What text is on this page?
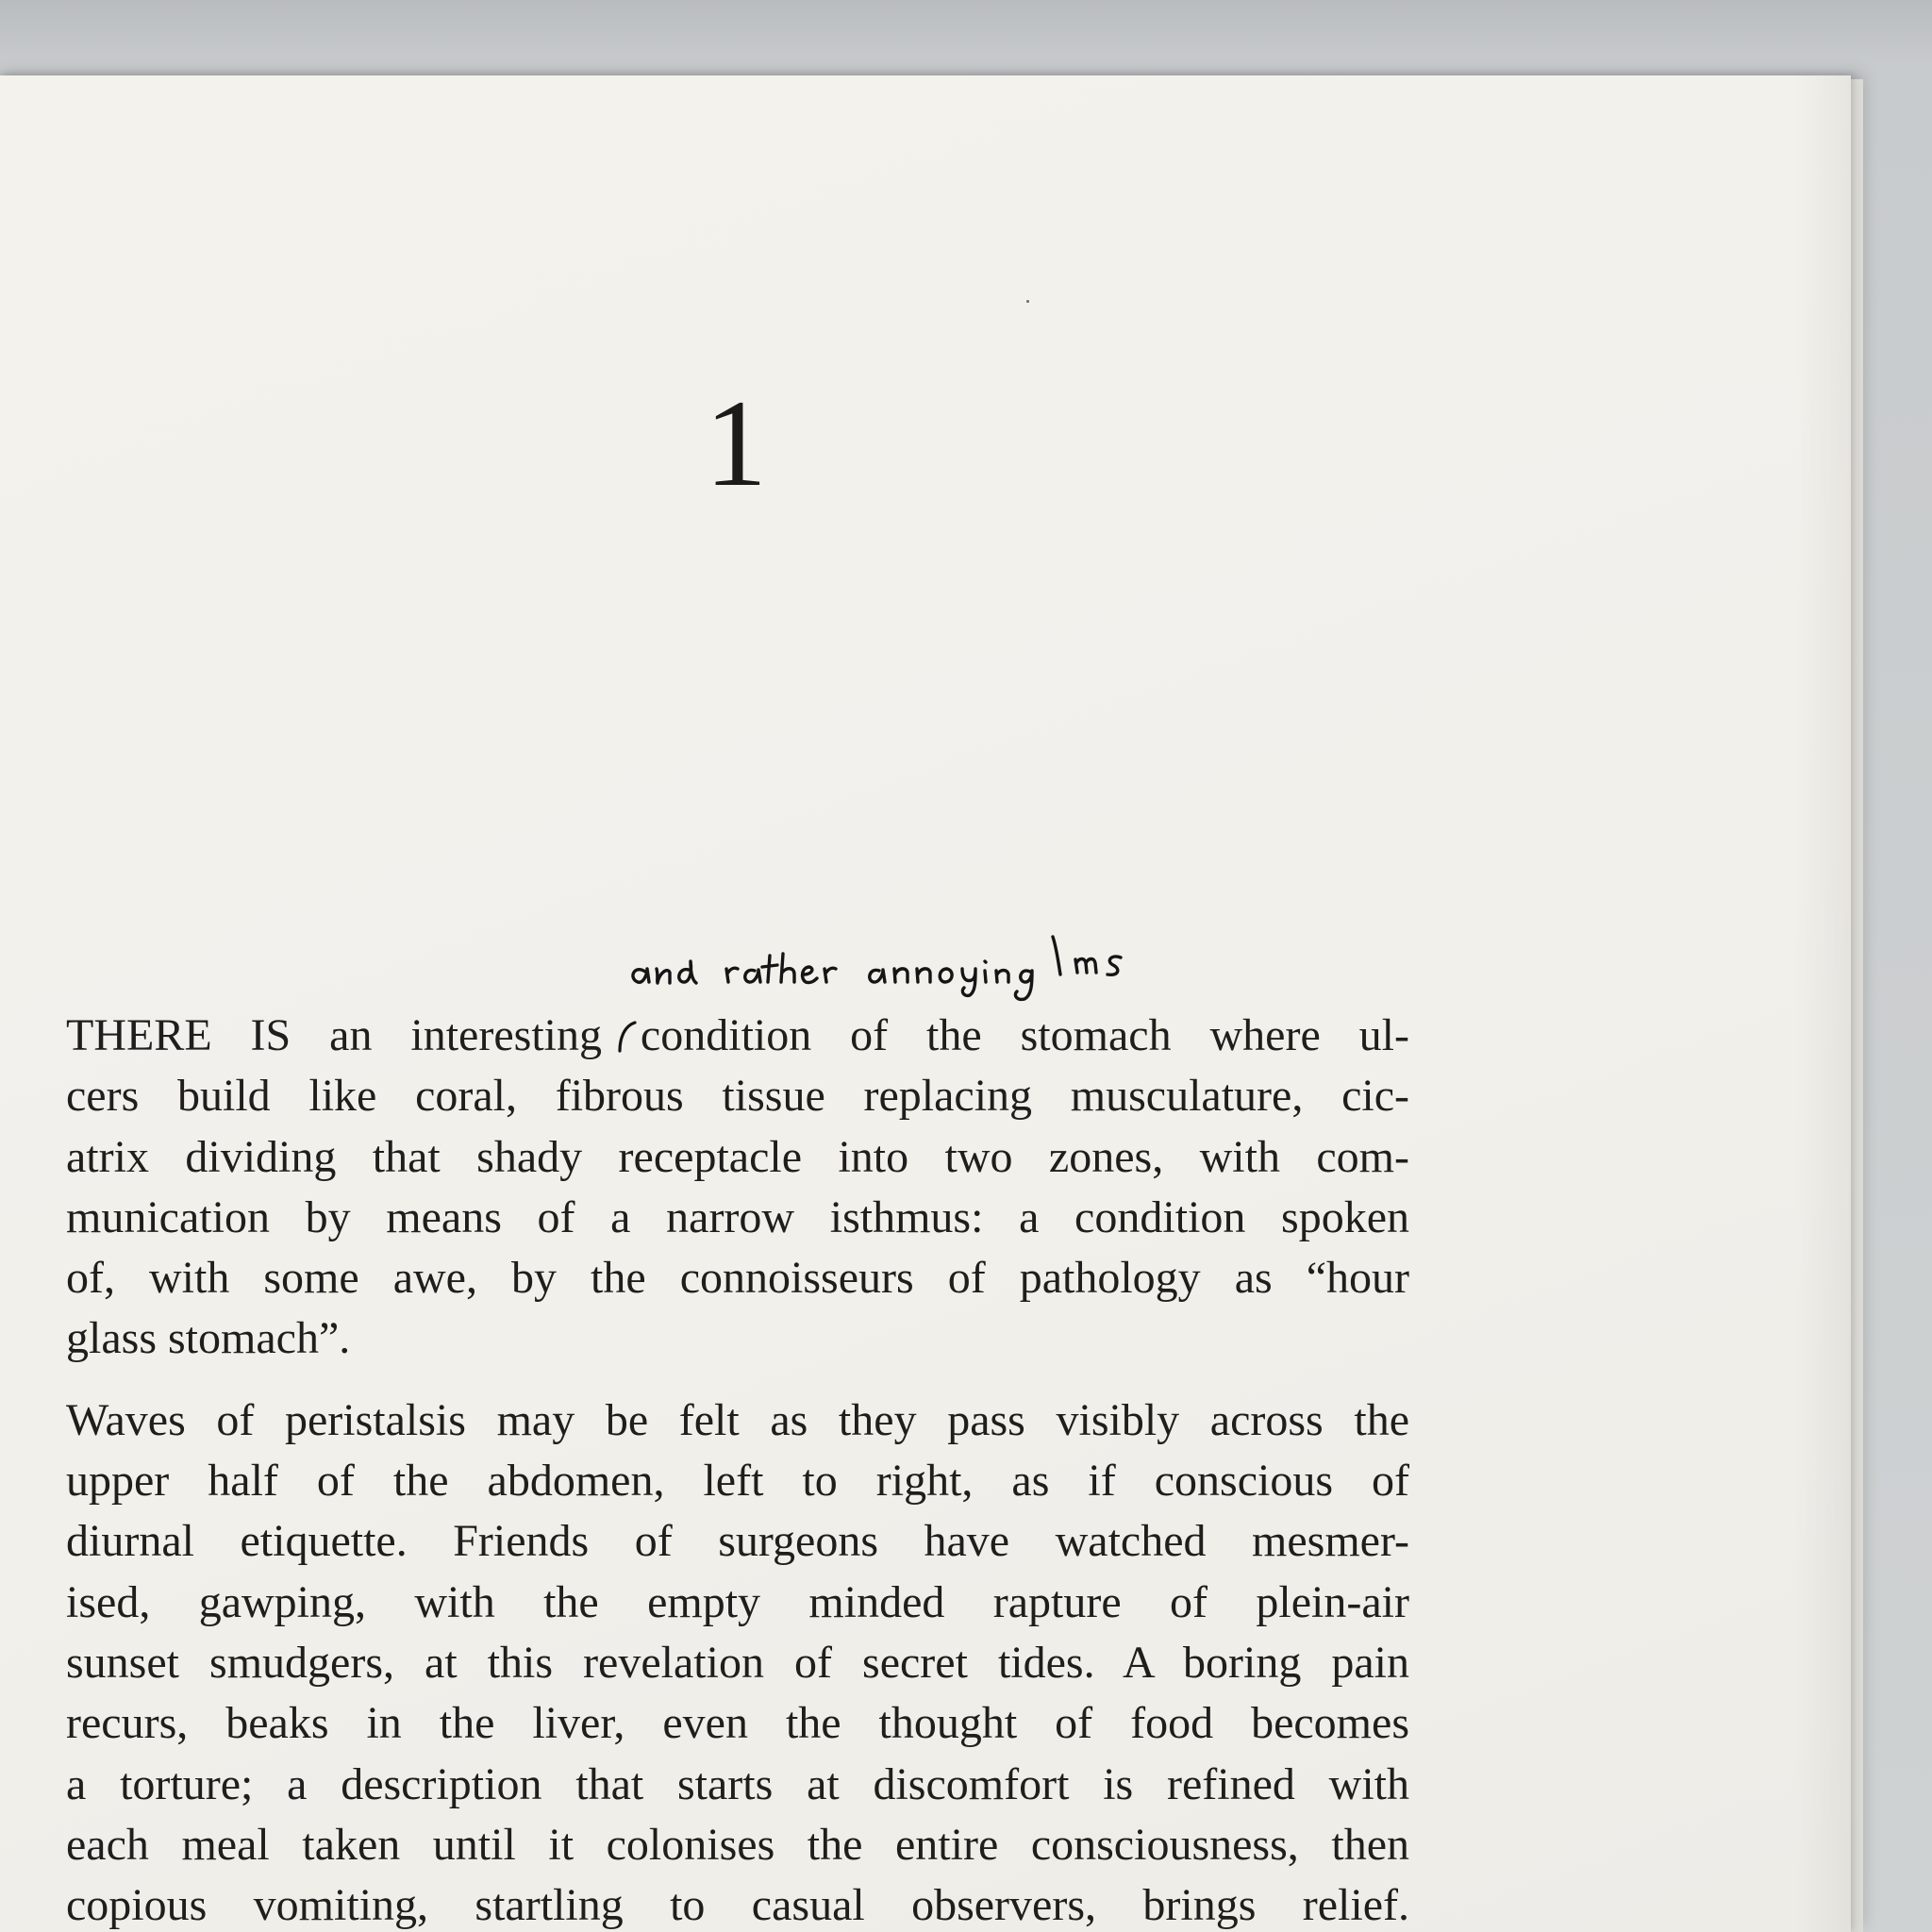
1

THERE IS an interesting condition of the stomach where ul-
cers build like coral, fibrous tissue replacing musculature, cic-
atrix dividing that shady receptacle into two zones, with com-
munication by means of a narrow isthmus: a condition spoken
of, with some awe, by the connoisseurs of pathology as “hour
glass stomach”.

Waves of peristalsis may be felt as they pass visibly across the
upper half of the abdomen, left to right, as if conscious of
diurnal etiquette. Friends of surgeons have watched mesmer-
ised, gawping, with the empty minded rapture of plein-air
sunset smudgers, at this revelation of secret tides. A boring pain
recurs, beaks in the liver, even the thought of food becomes
a torture; a description that starts at discomfort is refined with
each meal taken until it colonises the entire consciousness, then
copious vomiting, startling to casual observers, brings relief.
